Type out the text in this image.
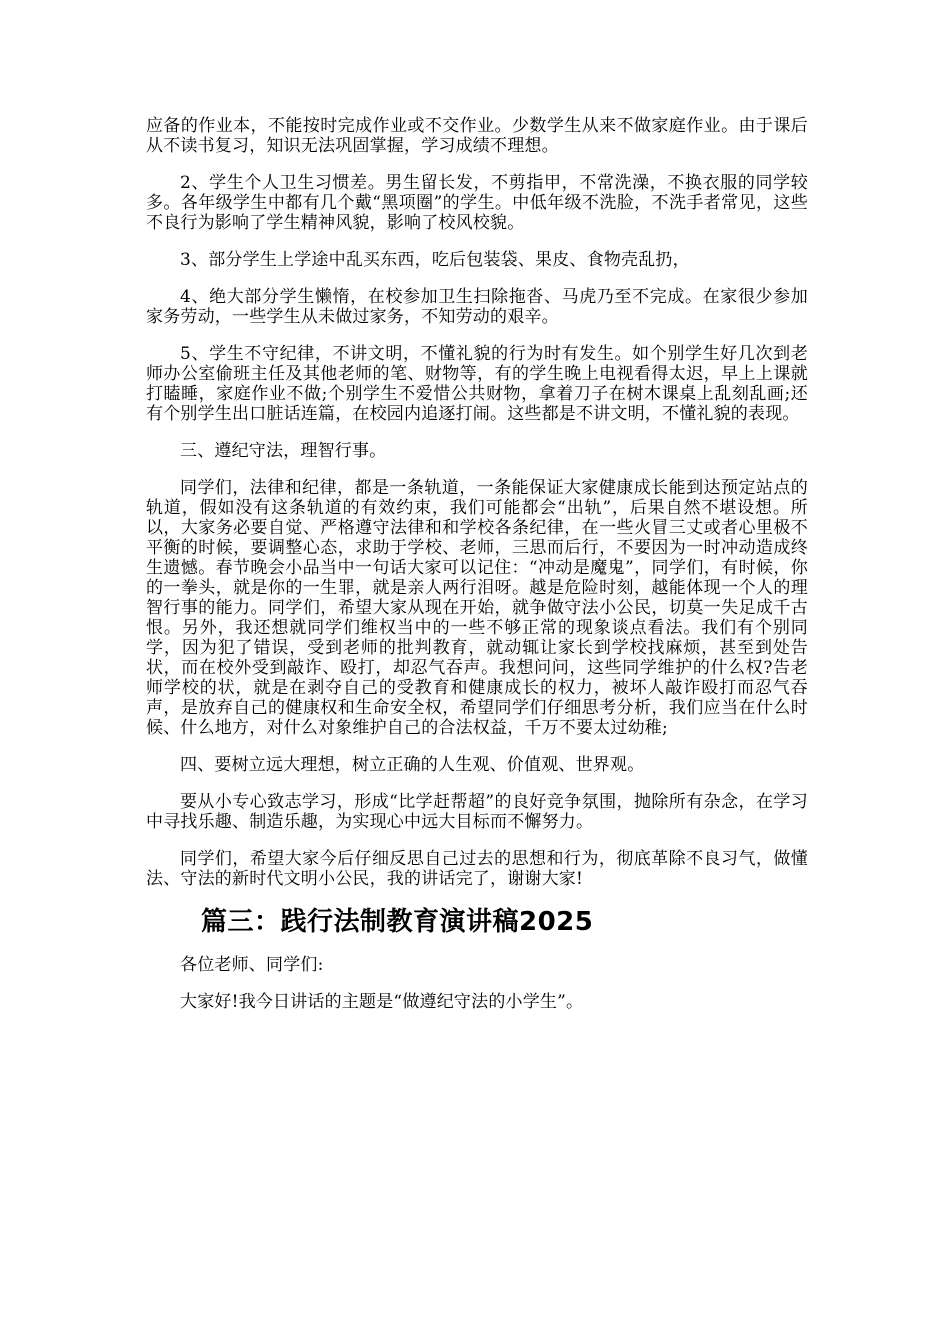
应备的作业本，不能按时完成作业或不交作业。少数学生从来不做家庭作业。由于课后从不读书复习，知识无法巩固掌握，学习成绩不理想。

2、学生个人卫生习惯差。男生留长发，不剪指甲，不常洗澡，不换衣服的同学较多。各年级学生中都有几个戴“黑项圈”的学生。中低年级不洗脸，不洗手者常见，这些不良行为影响了学生精神风貌，影响了校风校貌。

3、部分学生上学途中乱买东西，吃后包装袋、果皮、食物壳乱扔，

4、绝大部分学生懒惰，在校参加卫生扫除拖沓、马虎乃至不完成。在家很少参加家务劳动，一些学生从未做过家务，不知劳动的艰辛。

5、学生不守纪律，不讲文明，不懂礼貌的行为时有发生。如个别学生好几次到老师办公室偷班主任及其他老师的笔、财物等，有的学生晚上电视看得太迟，早上上课就打瞌睡，家庭作业不做;个别学生不爱惜公共财物，拿着刀子在树木课桌上乱刻乱画;还有个别学生出口脏话连篇，在校园内追逐打闹。这些都是不讲文明，不懂礼貌的表现。

三、遵纪守法，理智行事。

同学们，法律和纪律，都是一条轨道，一条能保证大家健康成长能到达预定站点的轨道，假如没有这条轨道的有效约束，我们可能都会“出轨”，后果自然不堪设想。所以，大家务必要自觉、严格遵守法律和和学校各条纪律，在一些火冒三丈或者心里极不平衡的时候，要调整心态，求助于学校、老师，三思而后行，不要因为一时冲动造成终生遗憾。春节晚会小品当中一句话大家可以记住：“冲动是魔鬼”，同学们，有时候，你的一拳头，就是你的一生罪，就是亲人两行泪呀。越是危险时刻，越能体现一个人的理智行事的能力。同学们，希望大家从现在开始，就争做守法小公民，切莫一失足成千古恨。另外，我还想就同学们维权当中的一些不够正常的现象谈点看法。我们有个别同学，因为犯了错误，受到老师的批判教育，就动辄让家长到学校找麻烦，甚至到处告状，而在校外受到敲诈、殴打，却忍气吞声。我想问问，这些同学维护的什么权?告老师学校的状，就是在剥夺自己的受教育和健康成长的权力，被坏人敲诈殴打而忍气吞声，是放弃自己的健康权和生命安全权，希望同学们仔细思考分析，我们应当在什么时候、什么地方，对什么对象维护自己的合法权益，千万不要太过幼稚;

四、要树立远大理想，树立正确的人生观、价值观、世界观。

要从小专心致志学习，形成“比学赶帮超”的良好竞争氛围，抛除所有杂念，在学习中寻找乐趣、制造乐趣，为实现心中远大目标而不懈努力。

同学们，希望大家今后仔细反思自己过去的思想和行为，彻底革除不良习气，做懂法、守法的新时代文明小公民，我的讲话完了，谢谢大家!

篇三：践行法制教育演讲稿2025

各位老师、同学们:

大家好!我今日讲话的主题是“做遵纪守法的小学生”。
